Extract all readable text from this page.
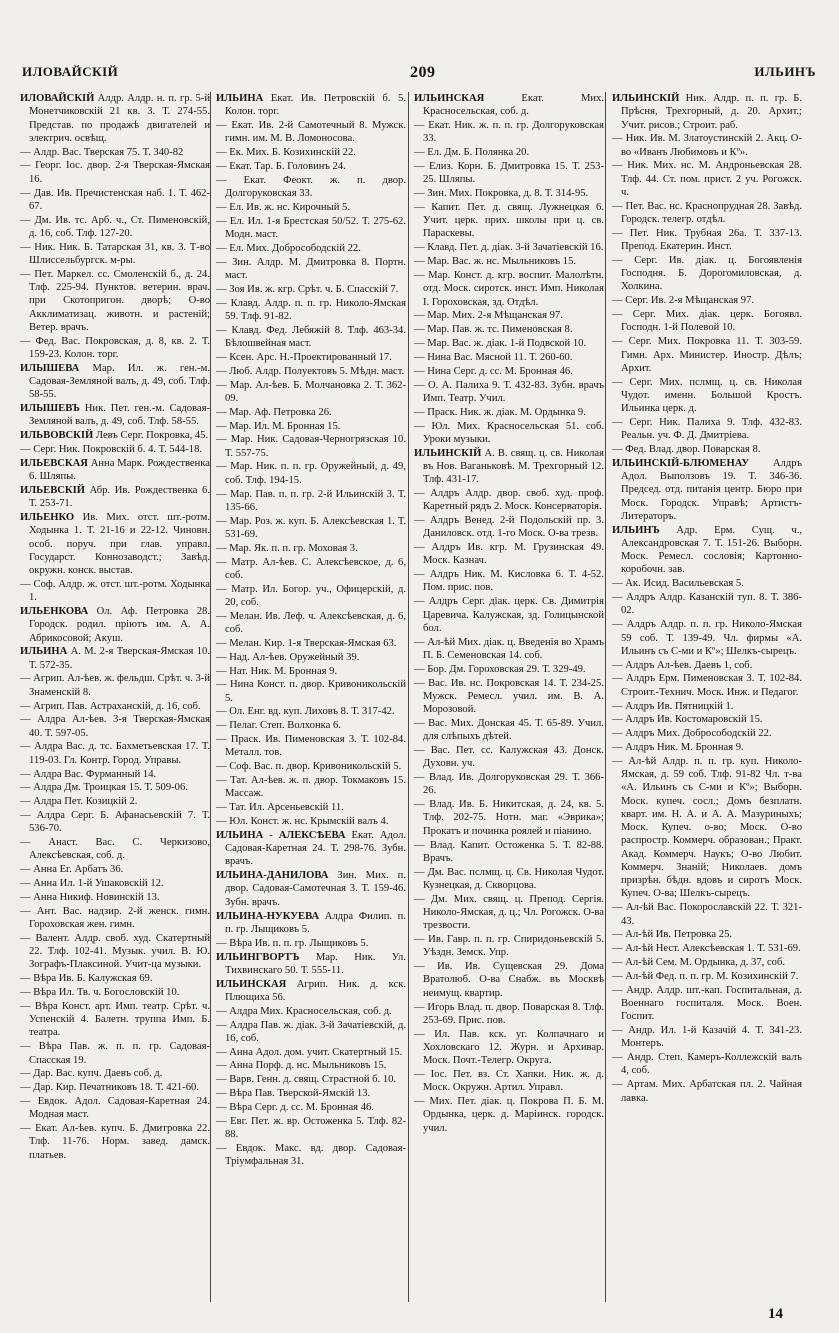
ИЛОВАЙСКІЙ	209	ИЛЬИНЪ
ИЛОВАЙСКІЙ Алдр. Алдр. н. п. гр. 5-й Монетчиковскій 21 кв. 3. Т. 274-55. Представ. по продажѣ двигателей и электрич. освѣщ.
— Алдр. Вас. Тверская 75. Т. 340-82
— Георг. Іос. двор. 2-я Тверская-Ямская 16.
— Дав. Ив. Пречистенская наб. 1. Т. 462-67.
— Дм. Ив. тс. Арб. ч., Ст. Пименовскій, д. 16, соб. Тлф. 127-20.
— Ник. Ник. Б. Татарская 31, кв. 3. Т-во Шлиссельбургск. м-ры.
— Пет. Маркел. сс. Смоленскій б., д. 24. Тлф. 225-94. Пунктов. ветерин. врач. при Скотопригон. дворѣ; О-во Акклиматизац. животн. и растеній; Ветер. врачъ.
— Фед. Вас. Покровская, д. 8, кв. 2. Т. 159-23. Колон. торг.
ИЛЫШЕВА Мар. Ил. ж. ген.-м. Садовая-Земляной валъ, д. 49, соб. Тлф. 58-55.
ИЛЫШЕВЪ Ник. Пет. ген.-м. Садовая-Земляной валъ, д. 49, соб. Тлф. 58-55.
ИЛЬВОВСКІЙ Левъ Серг. Покровка, 45.
— Серг. Ник. Покровскій б. 4. Т. 544-18.
ИЛЬЕВСКАЯ Анна Марк. Рождественка 6. Шляпы.
ИЛЬЕВСКІЙ Абр. Ив. Рождественка 6. Т. 253-71.
ИЛЬЕНКО Ив. Мих. отст. шт.-ротм. Ходынка 1. Т. 21-16 и 22-12. Чиновн. особ. поруч. при глав. управл. Государст. Коннозаводст.; Завѣд. окружн. конск. выстав.
— Соф. Алдр. ж. отст. шт.-ротм. Ходынка 1.
ИЛЬЕНКОВА Ол. Аф. Петровка 28. Городск. родил. пріютъ им. А. А. Абрикосовой; Акуш.
ИЛЬИНА А. М. 2-я Тверская-Ямская 10. Т. 572-35.
— Агрип. Ал-ѣев. ж. фельдш. Срѣт. ч. 3-й Знаменскій 8.
— Агрип. Пав. Астраханскій, д. 16, соб.
— Алдра Ал-ѣев. 3-я Тверская-Ямская 40. Т. 597-05.
— Алдра Вас. д. тс. Бахметьевская 17. Т. 119-03. Гл. Контр. Город. Управы.
— Алдра Вас. Фурманный 14.
— Алдра Дм. Троицкая 15. Т. 509-06.
— Алдра Пет. Козицкій 2.
— Алдра Серг. Б. Афанасьевскій 7. Т. 536-70.
— Анаст. Вас. С. Черкизово, Алексѣевская, соб. д.
— Анна Ег. Арбатъ 36.
— Анна Ил. 1-й Ушаковскій 12.
— Анна Никиф. Новинскій 13.
— Ант. Вас. надзир. 2-й женск. гимн. Гороховская жен. гимн.
— Валент. Алдр. своб. худ. Скатертный 22. Тлф. 102-41. Музык. учил. В. Ю. Зографъ-Плаксиной. Учит-ца музыки.
— Вѣра Ив. Б. Калужская 69.
— Вѣра Ил. Тв. ч. Богословскій 10.
— Вѣра Конст. арт. Имп. театр. Срѣт. ч. Успенскій 4. Балетн. труппа Имп. Б. театра.
— Вѣра Пав. ж. п. п. гр. Садовая-Спасская 19.
— Дар. Вас. купч. Даевъ соб. д.
— Дар. Кир. Печатниковъ 18. Т. 421-60.
— Евдок. Адол. Садовая-Каретная 24. Модная маст.
— Екат. Ал-ѣев. купч. Б. Дмитровка 22. Тлф. 11-76. Норм. завед. дамск. платьев.
ИЛЬИНА Екат. Ив. Петровскій б. 5. Колон. торг.
— Екат. Ив. 2-й Самотечный 8. Мужск. гимн. им. М. В. Ломоносова.
— Ек. Мих. Б. Козихинскій 22.
— Екат. Тар. Б. Головинъ 24.
— Екат. Феокт. ж. п. двор. Долгоруковская 33.
— Ел. Ив. ж. нс. Кирочный 5.
— Ел. Ил. 1-я Брестская 50/52. Т. 275-62. Модн. маст.
— Ел. Мих. Добросободскій 22.
— Зин. Алдр. М. Дмитровка 8. Портн. маст.
— Зоя Ив. ж. кгр. Срѣт. ч. Б. Спасскій 7.
— Клавд. Алдр. п. п. гр. Николо-Ямская 59. Тлф. 91-82.
— Клавд. Фед. Лебяжій 8. Тлф. 463-34. Бѣлошвейная маст.
— Ксен. Арс. Н.-Проектированный 17.
— Люб. Алдр. Полуектовъ 5. Мѣдн. маст.
— Мар. Ал-ѣев. Б. Молчановка 2. Т. 362-09.
— Мар. Аф. Петровка 26.
— Мар. Ил. М. Бронная 15.
— Мар. Ник. Садовая-Черногрязская 10. Т. 557-75.
— Мар. Ник. п. п. гр. Оружейный, д. 49, соб. Тлф. 194-15.
— Мар. Пав. п. п. гр. 2-й Ильинскій 3. Т. 135-66.
— Мар. Роз. ж. куп. Б. Алексѣевская 1. Т. 531-69.
— Мар. Як. п. п. гр. Моховая 3.
— Матр. Ал-ѣев. С. Алексѣевское, д. 6, соб.
— Матр. Ил. Богор. уч., Офицерскій, д. 20, соб.
— Мелан. Ив. Леф. ч. Алексѣевская, д. 6, соб.
— Мелан. Кир. 1-я Тверская-Ямская 63.
— Над. Ал-ѣев. Оружейный 39.
— Нат. Ник. М. Бронная 9.
— Нина Конст. п. двор. Кривоникольскій 5.
— Ол. Енг. вд. куп. Лиховъ 8. Т. 317-42.
— Пелаг. Степ. Волхонка 6.
— Праск. Ив. Пименовская 3. Т. 102-84. Металл. тов.
— Соф. Вас. п. двор. Кривоникольскій 5.
— Тат. Ал-ѣев. ж. п. двор. Токмаковъ 15. Массаж.
— Тат. Ил. Арсеньевскій 11.
— Юл. Конст. ж. нс. Крымскій валъ 4.
ИЛЬИНА - АЛЕКСѢЕВА Екат. Адол. Садовая-Каретная 24. Т. 298-76. Зубн. врачъ.
ИЛЬИНА-ДАНИЛОВА Зин. Мих. п. двор. Садовая-Самотечная 3. Т. 159-46. Зубн. врачъ.
ИЛЬИНА-НУКУЕВА Алдра Филип. п. п. гр. Лыщиковъ 5.
— Вѣра Ив. п. п. гр. Лыщиковъ 5.
ИЛЬИНГВОРТЪ Мар. Ник. Ул. Тихвинскаго 50. Т. 555-11.
ИЛЬИНСКАЯ Агрип. Ник. д. кск. Плющиха 56.
— Алдра Мих. Красносельская, соб. д.
— Алдра Пав. ж. діак. 3-й Зачатіевскій, д. 16, соб.
— Анна Адол. дом. учит. Скатертный 15.
— Анна Порф. д. нс. Мыльниковъ 15.
— Варв. Генн. д. свящ. Страстной б. 10.
— Вѣра Пав. Тверской-Ямскій 13.
— Вѣра Серг. д. сс. М. Бронная 46.
— Евг. Пет. ж. вр. Остоженка 5. Тлф. 82-88.
— Евдок. Макс. вд. двор. Садовая-Тріумфальная 31.
ИЛЬИНСКАЯ Екат. Мих. Красносельская, соб. д.
— Екат. Ник. ж. п. п. гр. Долгоруковская 33.
— Ел. Дм. Б. Полянка 20.
— Елиз. Корн. Б. Дмитровка 15. Т. 253-25. Шляпы.
— Зин. Мих. Покровка, д. 8. Т. 314-95.
— Капит. Пет. д. свящ. Лужнецкая 6. Учит. церк. прих. школы при ц. св. Параскевы.
— Клавд. Пет. д. діак. 3-й Зачатіевскій 16.
— Мар. Вас. ж. нс. Мыльниковъ 15.
— Мар. Конст. д. кгр. воспит. Малолѣтн. отд. Моск. сиротск. инст. Имп. Николая I. Гороховская, зд. Отдѣл.
— Мар. Мих. 2-я Мѣщанская 97.
— Мар. Пав. ж. тс. Пименовская 8.
— Мар. Вас. ж. діак. 1-й Подвской 10.
— Нина Вас. Мясной 11. Т. 260-60.
— Нина Серг. д. сс. М. Бронная 46.
— О. А. Палиха 9. Т. 432-83. Зубн. врачъ Имп. Театр. Учил.
— Праск. Ник. ж. діак. М. Ордынка 9.
— Юл. Мих. Красносельская 51. соб. Уроки музыки.
ИЛЬИНСКІЙ А. В. свящ. ц. св. Николая въ Нов. Ваганьковѣ. М. Трехгорный 12. Тлф. 431-17.
— Алдръ Алдр. двор. своб. худ. проф. Каретный рядъ 2. Моск. Консерваторія.
— Алдръ Венед. 2-й Подольскій пр. 3. Даниловск. отд. 1-го Моск. О-ва трезв.
— Алдръ Ив. кгр. М. Грузинская 49. Моск. Казнач.
— Алдръ Ник. М. Кисловка 6. Т. 4-52. Пом. прис. пов.
— Алдръ Серг. діак. церк. Св. Димитрія Царевича. Калужская, зд. Голицынской бол.
— Ал-ѣй Мих. діак. ц. Введенія во Храмъ П. Б. Семеновская 14. соб.
— Бор. Дм. Гороховская 29. Т. 329-49.
— Вас. Ив. нс. Покровская 14. Т. 234-25. Мужск. Ремесл. учил. им. В. А. Морозовой.
— Вас. Мих. Донская 45. Т. 65-89. Учил. для слѣпыхъ дѣтей.
— Вас. Пет. сс. Калужская 43. Донск. Духовн. уч.
— Влад. Ив. Долгоруковская 29. Т. 366-26.
— Влад. Ив. Б. Никитская, д. 24, кв. 5. Тлф. 202-75. Нотн. маг. «Эврика»; Прокатъ и починка роялей и піанино.
— Влад. Капит. Остоженка 5. Т. 82-88. Врачъ.
— Дм. Вас. пслмщ. ц. Св. Николая Чудот. Кузнецкая, д. Скворцова.
— Дм. Мих. свящ. ц. Препод. Сергія. Николо-Ямская, д. ц.; Чл. Рогожск. О-ва трезвости.
— Ив. Гавр. п. п. гр. Спиридоньевскій 5. Уѣздн. Земск. Упр.
— Ив. Ив. Сущевская 29. Дома Вратолюб. О-ва Снабж. въ Москвѣ неимущ. квартир.
— Игорь Влад. п. двор. Поварская 8. Тлф. 253-69. Прис. пов.
— Ил. Пав. кск. уг. Колпачнаго и Хохловскаго 12. Журн. и Архивар. Моск. Почт.-Телегр. Округа.
— Іос. Пет. вз. Ст. Хапки. Ник. ж. д. Моск. Окружн. Артил. Управл.
— Мих. Пет. діак. ц. Покрова П. Б. М. Ордынка, церк. д. Маріинск. городск. учил.
ИЛЬИНСКІЙ Ник. Алдр. п. п. гр. Б. Прѣсня, Трехгорный, д. 20. Архит.; Учит. рисов.; Строит. раб.
— Ник. Ив. М. Златоустинскій 2. Акц. О-во «Иванъ Любимовъ и Кº».
— Ник. Мих. нс. М. Андроньевская 28. Тлф. 44. Ст. пом. прист. 2 уч. Рогожск. ч.
— Пет. Вас. нс. Краснопрудная 28. Завѣд. Городск. телегр. отдѣл.
— Пет. Ник. Трубная 26а. Т. 337-13. Препод. Екатерин. Инст.
— Серг. Ив. діак. ц. Богоявленія Господня. Б. Дорогомиловская, д. Холкина.
— Серг. Ив. 2-я Мѣщанская 97.
— Серг. Мих. діак. церк. Богоявл. Господн. 1-й Полевой 10.
— Серг. Мих. Покровка 11. Т. 303-59. Гимн. Арх. Министер. Иностр. Дѣлъ; Архит.
— Серг. Мих. пслмщ. ц. св. Николая Чудот. именн. Большой Кростъ. Ильинка церк. д.
— Серг. Ник. Палиха 9. Тлф. 432-83. Реальн. уч. Ф. Д. Дмитріева.
— Фед. Влад. двор. Поварская 8.
ИЛЬИНСКІЙ-БЛЮМЕНАУ Алдръ Адол. Выползовъ 19. Т. 346-36. Председ. отд. питанія центр. Бюро при Моск. Городск. Управѣ; Артистъ-Литераторъ.
ИЛЬИНЪ Адр. Ерм. Сущ. ч., Александровская 7. Т. 151-26. Выборн. Моск. Ремесл. сословія; Картонно-коробочн. зав.
— Ак. Исид. Васильевская 5.
— Алдръ Алдр. Казанскій туп. 8. Т. 386-02.
— Алдръ Алдр. п. п. гр. Николо-Ямская 59 соб. Т. 139-49. Чл. фирмы «А. Ильинъ съ С-ми и Кº»; Шелкъ-сырецъ.
— Алдръ Ал-ѣев. Даевъ 1, соб.
— Алдръ Ерм. Пименовская 3. Т. 102-84. Строит.-Технич. Моск. Инж. и Педагог.
— Алдръ Ив. Пятницкій 1.
— Алдръ Ив. Костомаровскій 15.
— Алдръ Мих. Добросободскій 22.
— Алдръ Ник. М. Бронная 9.
— Ал-ѣй Алдр. п. п. гр. куп. Николо-Ямская, д. 59 соб. Тлф. 91-82 Чл. т-ва «А. Ильинъ съ С-ми и Кº»; Выборн. Моск. купеч. сосл.; Домъ безплатн. кварт. им. Н. А. и А. А. Мазуриныхъ; Моск. Купеч. о-во; Моск. О-во распростр. Коммерч. образован.; Практ. Акад. Коммерч. Наукъ; О-во Любит. Коммерч. Знаній; Николаев. домъ призрѣн. бѣдн. вдовъ и сиротъ Моск. Купеч. О-ва; Шелкъ-сырецъ.
— Ал-ѣй Вас. Покорославскій 22. Т. 321-43.
— Ал-ѣй Ив. Петровка 25.
— Ал-ѣй Нест. Алексѣевская 1. Т. 531-69.
— Ал-ѣй Сем. М. Ордынка, д. 37, соб.
— Ал-ѣй Фед. п. п. гр. М. Козихинскій 7.
— Андр. Алдр. шт.-кап. Госпитальная, д. Военнаго госпиталя. Моск. Воен. Госпит.
— Андр. Ил. 1-й Казачій 4. Т. 341-23. Монтеръ.
— Андр. Степ. Камеръ-Коллежскій валъ 4, соб.
— Артам. Мих. Арбатская пл. 2. Чайная лавка.
14
